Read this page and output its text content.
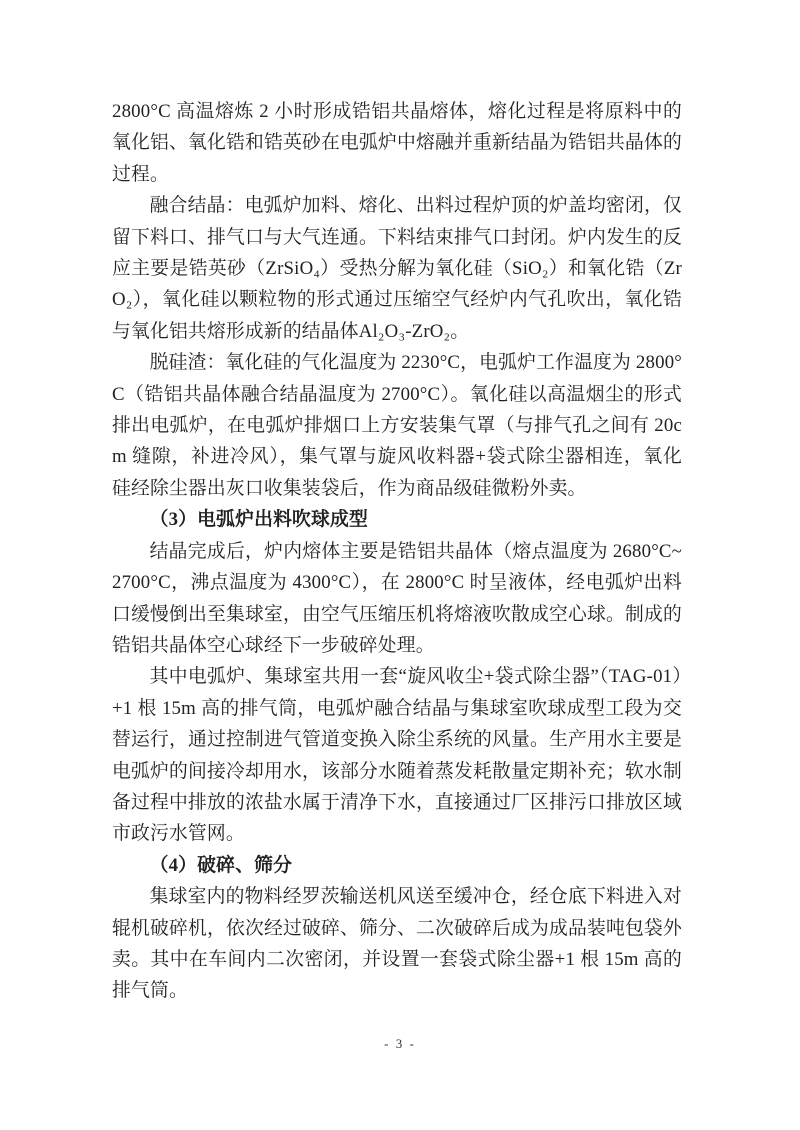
2800°C 高温熔炼 2 小时形成锆铝共晶熔体，熔化过程是将原料中的氧化铝、氧化锆和锆英砂在电弧炉中熔融并重新结晶为锆铝共晶体的过程。

融合结晶：电弧炉加料、熔化、出料过程炉顶的炉盖均密闭，仅留下料口、排气口与大气连通。下料结束排气口封闭。炉内发生的反应主要是锆英砂（ZrSiO₄）受热分解为氧化硅（SiO₂）和氧化锆（ZrO₂），氧化硅以颗粒物的形式通过压缩空气经炉内气孔吹出，氧化锆与氧化铝共熔形成新的结晶体Al₂O₃-ZrO₂。

脱硅渣：氧化硅的气化温度为 2230°C，电弧炉工作温度为 2800°C（锆铝共晶体融合结晶温度为 2700°C）。氧化硅以高温烟尘的形式排出电弧炉，在电弧炉排烟口上方安装集气罩（与排气孔之间有 20cm 缝隙，补进冷风），集气罩与旋风收料器+袋式除尘器相连，氧化硅经除尘器出灰口收集装袋后，作为商品级硅微粉外卖。

（3）电弧炉出料吹球成型

结晶完成后，炉内熔体主要是锆铝共晶体（熔点温度为 2680°C~2700°C，沸点温度为 4300°C），在 2800°C 时呈液体，经电弧炉出料口缓慢倒出至集球室，由空气压缩压机将熔液吹散成空心球。制成的锆铝共晶体空心球经下一步破碎处理。

其中电弧炉、集球室共用一套“旋风收尘+袋式除尘器”（TAG-01）+1 根 15m 高的排气筒，电弧炉融合结晶与集球室吹球成型工段为交替运行，通过控制进气管道变换入除尘系统的风量。生产用水主要是电弧炉的间接冷却用水，该部分水随着蒸发耗散量定期补充；软水制备过程中排放的浓盐水属于清净下水，直接通过厂区排污口排放区域市政污水管网。

（4）破碎、筛分

集球室内的物料经罗茨输送机风送至缓冲仓，经仓底下料进入对辊机破碎机，依次经过破碎、筛分、二次破碎后成为成品装吨包袋外卖。其中在车间内二次密闭，并设置一套袋式除尘器+1 根 15m 高的排气筒。

- 3 -
